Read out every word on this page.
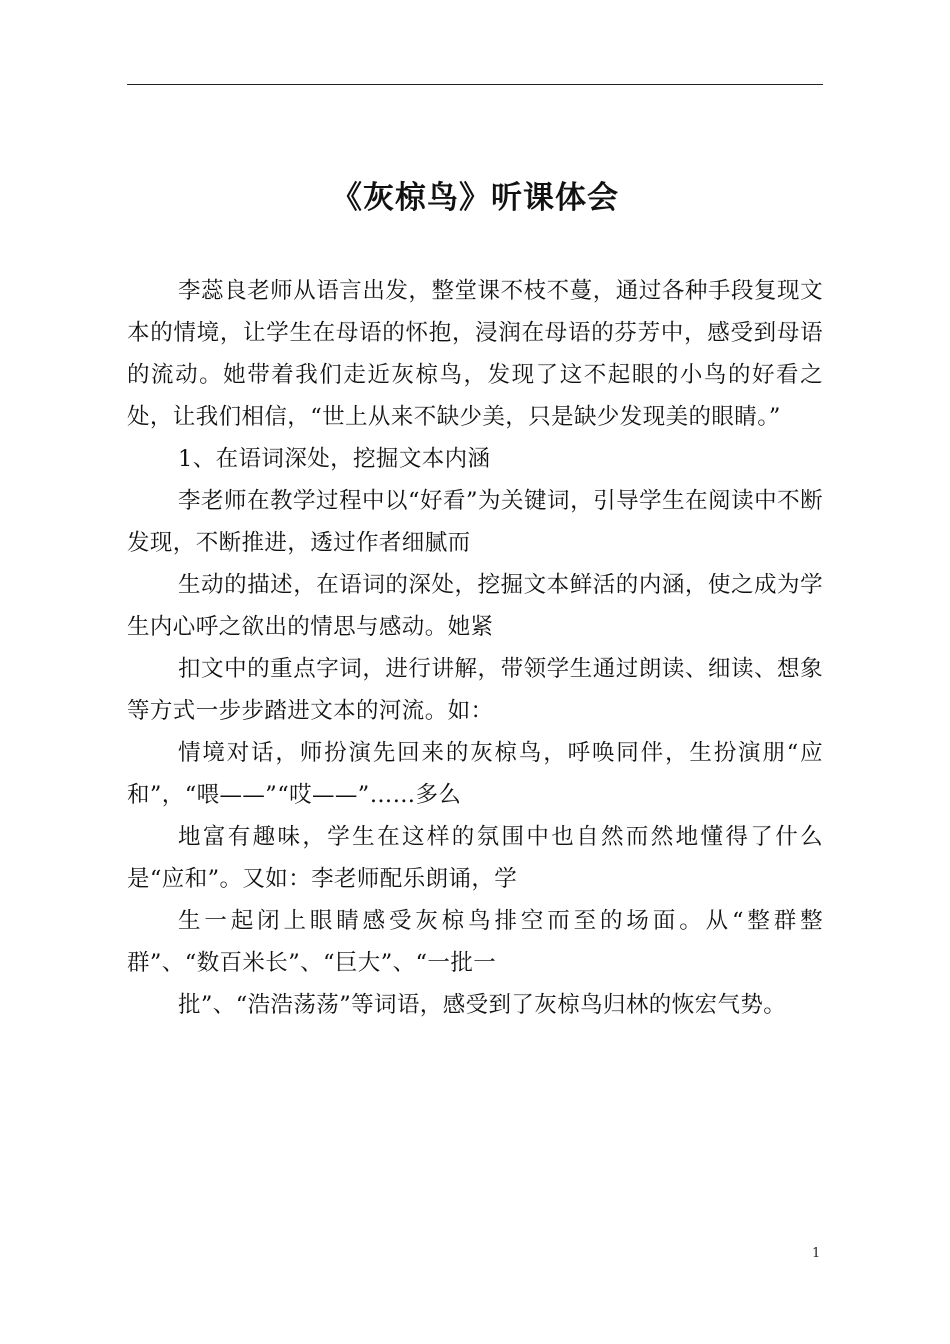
《灰椋鸟》听课体会

李蕊良老师从语言出发，整堂课不枝不蔓，通过各种手段复现文本的情境，让学生在母语的怀抱，浸润在母语的芬芳中，感受到母语的流动。她带着我们走近灰椋鸟，发现了这不起眼的小鸟的好看之处，让我们相信，“世上从来不缺少美，只是缺少发现美的眼睛。”

1、在语词深处，挖掘文本内涵

李老师在教学过程中以“好看”为关键词，引导学生在阅读中不断发现，不断推进，透过作者细腻而

生动的描述，在语词的深处，挖掘文本鲜活的内涵，使之成为学生内心呼之欲出的情思与感动。她紧

扣文中的重点字词，进行讲解，带领学生通过朗读、细读、想象等方式一步步踏进文本的河流。如：

情境对话，师扮演先回来的灰椋鸟，呼唤同伴，生扮演朋“应和”，“喂——”“哎——”……多么

地富有趣味，学生在这样的氛围中也自然而然地懂得了什么是“应和”。又如：李老师配乐朗诵，学

生一起闭上眼睛感受灰椋鸟排空而至的场面。从“整群整群”、“数百米长”、“巨大”、“一批一

批”、“浩浩荡荡”等词语，感受到了灰椋鸟归林的恢宏气势。

1
